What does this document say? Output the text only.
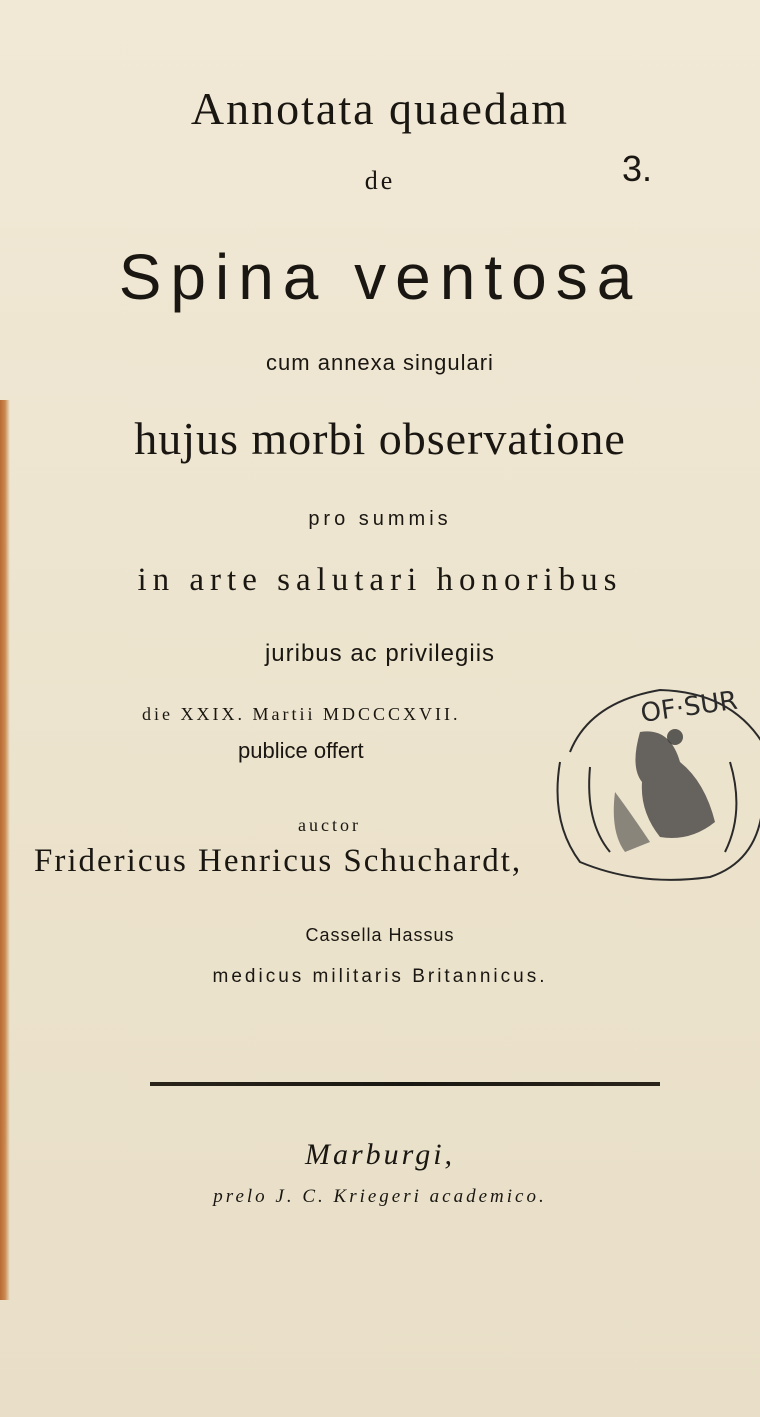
Annotata quaedam
de	3.
Spina ventosa
cum annexa singulari
hujus morbi observatione
pro summis
in arte salutari honoribus
juribus ac privilegiis
die XXIX. Martii MDCCCXVII.
publice offert
auctor
OF·SUR
Fridericus Henricus Schuchardt,
Cassella Hassus
medicus militaris Britannicus.
Marburgi,
prelo J. C. Kriegeri academico.
